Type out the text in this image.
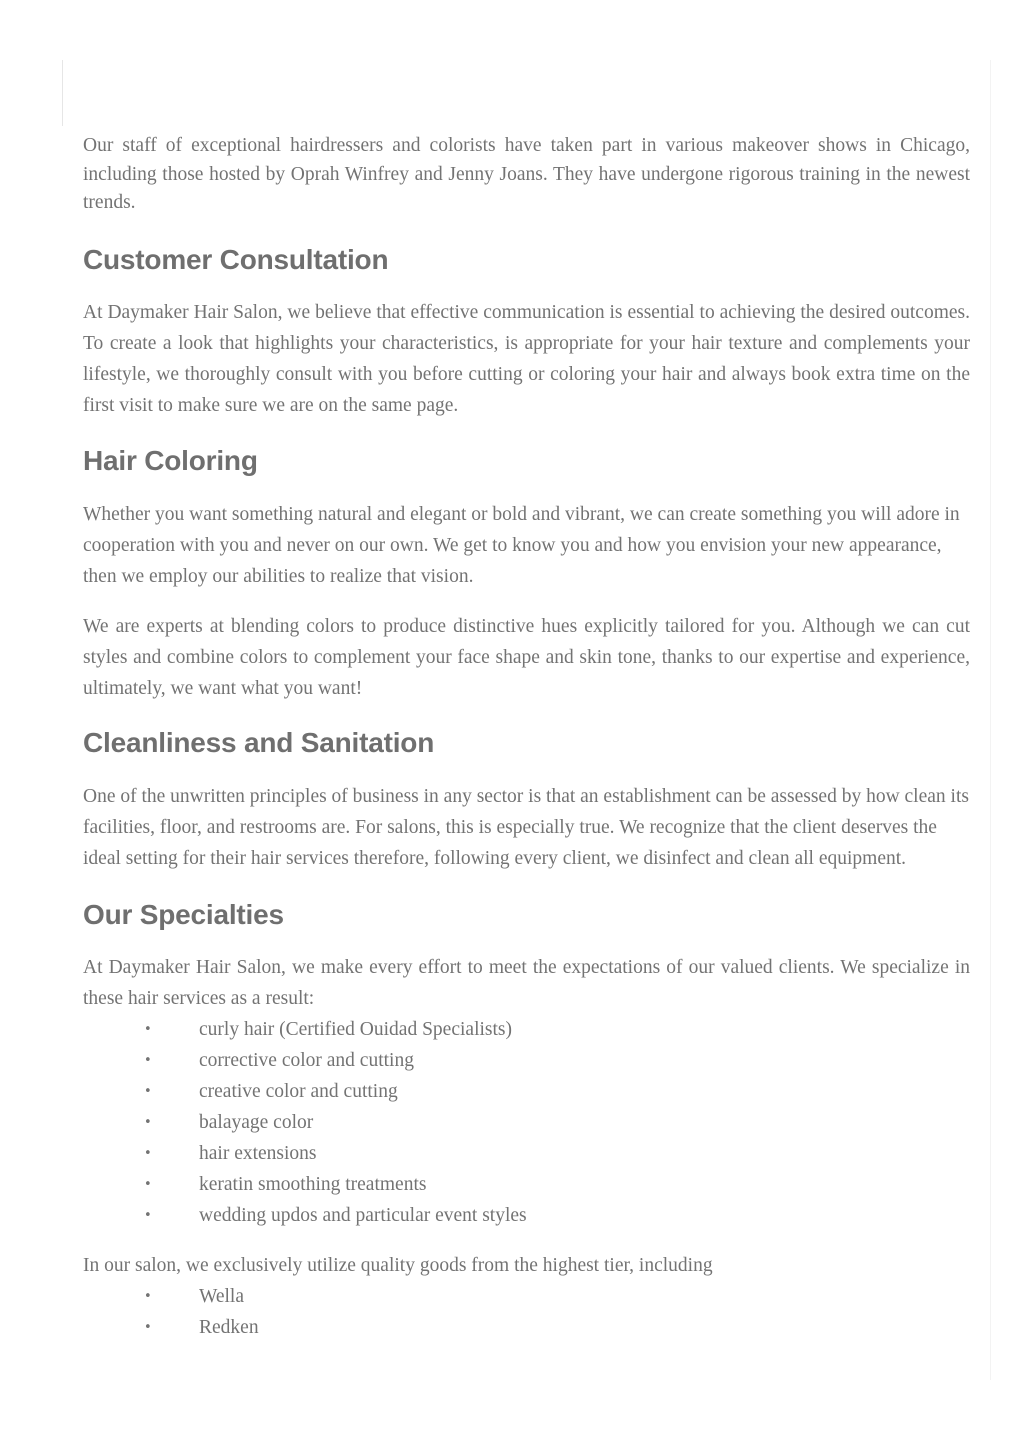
Our staff of exceptional hairdressers and colorists have taken part in various makeover shows in Chicago, including those hosted by Oprah Winfrey and Jenny Joans. They have undergone rigorous training in the newest trends.

Customer Consultation

At Daymaker Hair Salon, we believe that effective communication is essential to achieving the desired outcomes. To create a look that highlights your characteristics, is appropriate for your hair texture and complements your lifestyle, we thoroughly consult with you before cutting or coloring your hair and always book extra time on the first visit to make sure we are on the same page.

Hair Coloring

Whether you want something natural and elegant or bold and vibrant, we can create something you will adore in cooperation with you and never on our own. We get to know you and how you envision your new appearance, then we employ our abilities to realize that vision.

We are experts at blending colors to produce distinctive hues explicitly tailored for you. Although we can cut styles and combine colors to complement your face shape and skin tone, thanks to our expertise and experience, ultimately, we want what you want!

Cleanliness and Sanitation

One of the unwritten principles of business in any sector is that an establishment can be assessed by how clean its facilities, floor, and restrooms are. For salons, this is especially true. We recognize that the client deserves the ideal setting for their hair services therefore, following every client, we disinfect and clean all equipment.

Our Specialties

At Daymaker Hair Salon, we make every effort to meet the expectations of our valued clients. We specialize in these hair services as a result:

• curly hair (Certified Ouidad Specialists)
• corrective color and cutting
• creative color and cutting
• balayage color
• hair extensions
• keratin smoothing treatments
• wedding updos and particular event styles

In our salon, we exclusively utilize quality goods from the highest tier, including

• Wella
• Redken
